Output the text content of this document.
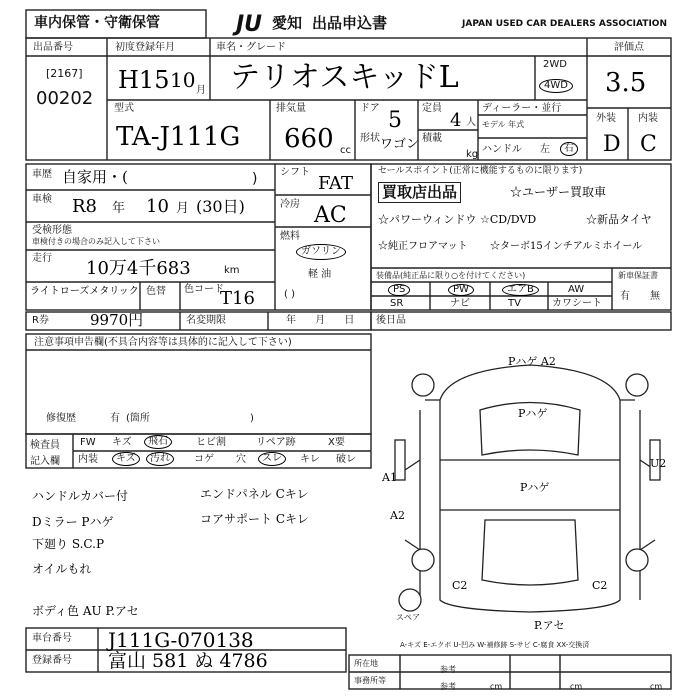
車内保管・守衛保管	JU 愛知 出品申込書	JAPAN USED CAR DEALERS ASSOCIATION
出品番号
[2167]
00202
初度登録年月
H15 10 月
車名・グレード
テリオスキッドL	2WD
4WD
評価点
3.5
外装 内装
D C
型式
TA-J111G
排気量
660 cc
ドア 5
形状 ワゴン
定員
4 人
積載
kg
ディーラー・並行
モデル 年式
ハンドル 左	右
車歴 自家用・(	)
車検 R8 年 10 月 (30日)
受検形態
車検付きの場合のみ記入して下さい
走行 10万4千683	km
ライトローズメタリック 色替 色コード
T16
シフト
FAT
冷房 AC
燃料
ガソリン
軽 油
( )
セールスポイント(正常に機能するものに限ります)
買取店出品	☆ユーザー買取車
☆パワーウィンドウ ☆CD/DVD	☆新品タイヤ
☆純正フロアマット ☆ターボ15インチアルミホイール
装備品(純正品に限り○を付けてください)
PS	PW	エアB	AW
SR	ナビ	TV	カワシート
新車保証書
有 無
R券	9970円	名変期限	年 月 日 後日品
注意事項申告欄(不具合内容等は具体的に記入して下さい)
修復歴	有 (箇所	)
検査員 記入欄
FW キズ	飛石	ヒビ割	リペア跡	X要
内装	キズ	汚れ	コゲ 穴	スレ	キレ 破レ
ハンドルカバー付	エンドパネル Cキレ
Dミラー Pハゲ	コアサポート Cキレ
下廻り S.C.P
オイルもれ
ボディ色 AU P.アセ
Pハゲ A2
Pハゲ
Pハゲ
U2
A1
A2
C2	C2
P.アセ
スペア
A-キズ E-エクボ U-凹み W-補修跡 S-サビ C-腐食 XX-交換済
車台番号 J111G-070138
登録番号 富山 581 ぬ 4786	所在地
参考
事務所等
参考	cm	cm	cm
